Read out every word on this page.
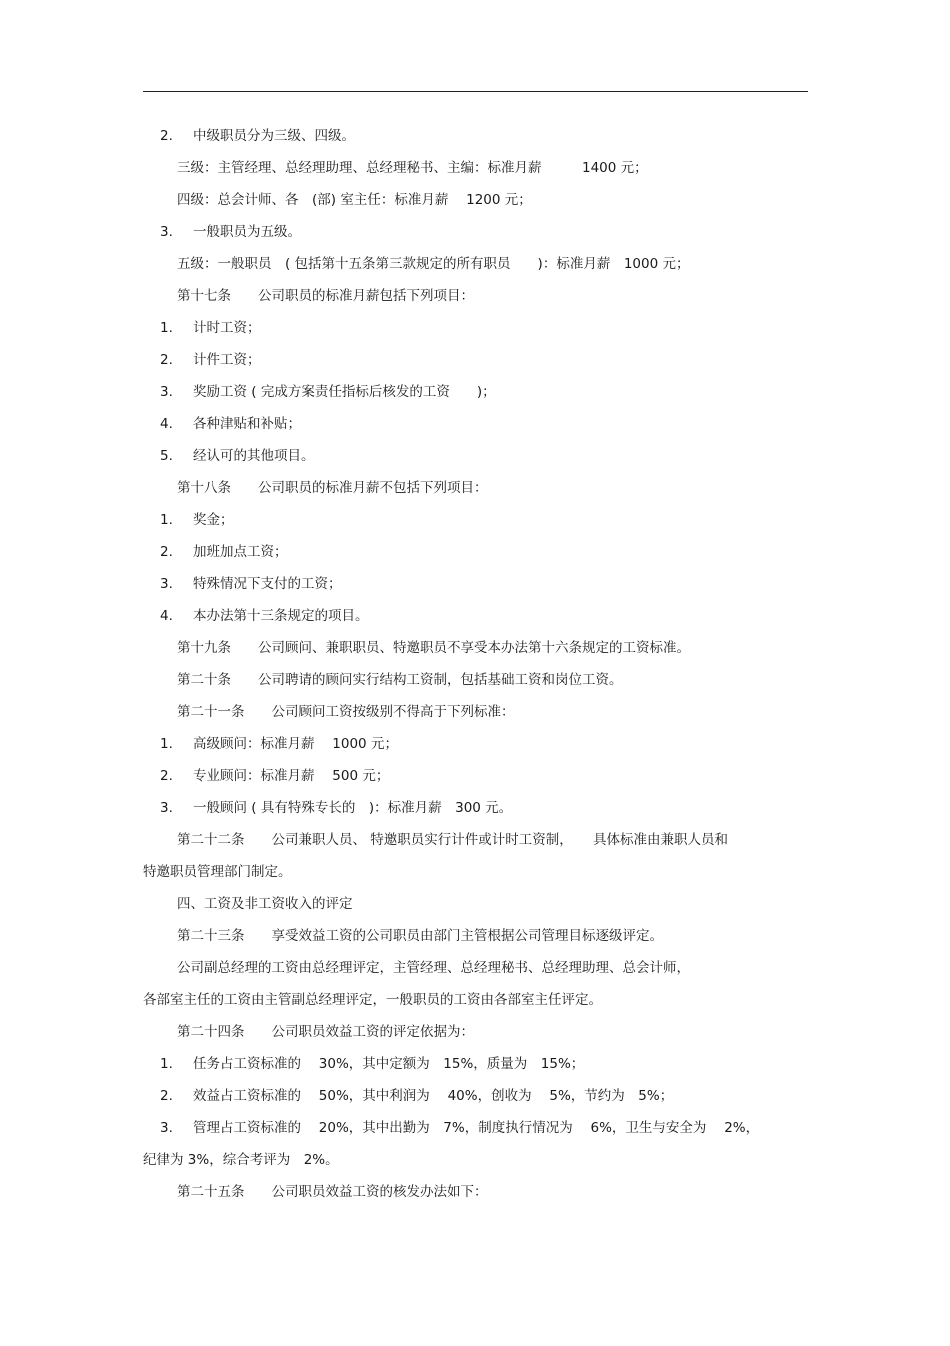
2. 中级职员分为三级、四级。
三级：主管经理、总经理助理、总经理秘书、主编：标准月薪　　　1400 元；
四级：总会计师、各　(部) 室主任：标准月薪　 1200 元；
3. 一般职员为五级。
五级：一般职员　( 包括第十五条第三款规定的所有职员　　)：标准月薪　1000 元；
第十七条　　公司职员的标准月薪包括下列项目：
1. 计时工资；
2. 计件工资；
3. 奖励工资 ( 完成方案责任指标后核发的工资　　)；
4. 各种津贴和补贴；
5. 经认可的其他项目。
第十八条　　公司职员的标准月薪不包括下列项目：
1. 奖金；
2. 加班加点工资；
3. 特殊情况下支付的工资；
4. 本办法第十三条规定的项目。
第十九条　　公司顾问、兼职职员、特邀职员不享受本办法第十六条规定的工资标准。
第二十条　　公司聘请的顾问实行结构工资制，包括基础工资和岗位工资。
第二十一条　　公司顾问工资按级别不得高于下列标准：
1. 高级顾问：标准月薪　 1000 元；
2. 专业顾问：标准月薪　 500 元；
3. 一般顾问 ( 具有特殊专长的　)：标准月薪　300 元。
第二十二条　　公司兼职人员、 特邀职员实行计件或计时工资制，　　具体标准由兼职人员和
特邀职员管理部门制定。
四、工资及非工资收入的评定
第二十三条　　享受效益工资的公司职员由部门主管根据公司管理目标逐级评定。
公司副总经理的工资由总经理评定，主管经理、总经理秘书、总经理助理、总会计师，
各部室主任的工资由主管副总经理评定，一般职员的工资由各部室主任评定。
第二十四条　　公司职员效益工资的评定依据为：
1. 任务占工资标准的　 30%，其中定额为　15%，质量为　15%；
2. 效益占工资标准的　 50%，其中利润为　 40%，创收为　 5%，节约为　5%；
3. 管理占工资标准的　 20%，其中出勤为　7%，制度执行情况为　 6%，卫生与安全为　 2%，
纪律为 3%，综合考评为　2%。
第二十五条　　公司职员效益工资的核发办法如下：
